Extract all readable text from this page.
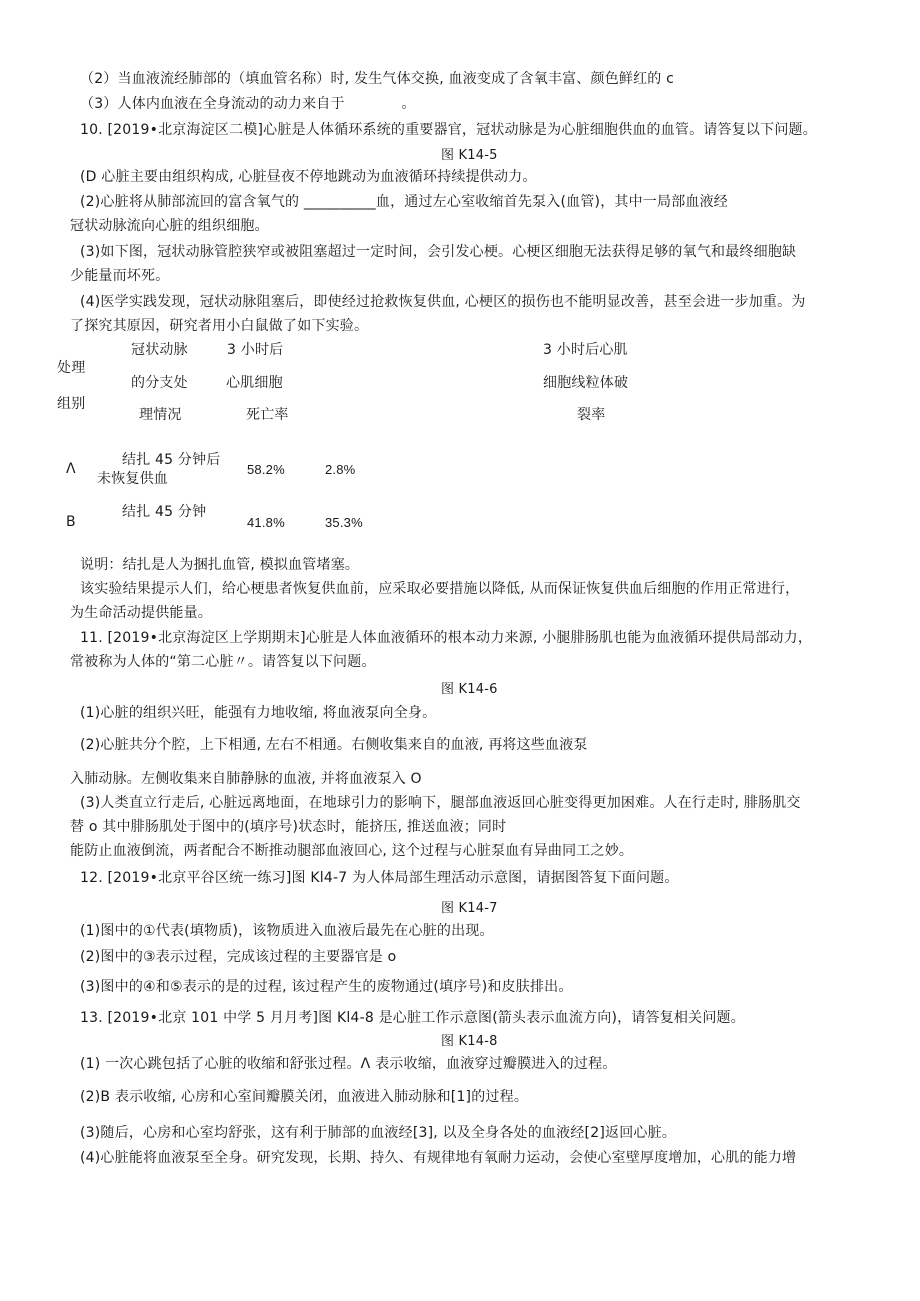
（2）当血液流经肺部的（填血管名称）时, 发生气体交换, 血液变成了含氧丰富、颜色鲜红的 c
（3）人体内血液在全身流动的动力来自于　　　　。
10. [2019•北京海淀区二模]心脏是人体循环系统的重要器官，冠状动脉是为心脏细胞供血的血管。请答复以下问题。
图 K14-5
(D 心脏主要由组织构成, 心脏昼夜不停地跳动为血液循环持续提供动力。
(2)心脏将从肺部流回的富含氧气的 __________血，通过左心室收缩首先泵入(血管)，其中一局部血液经
冠状动脉流向心脏的组织细胞。
(3)如下图，冠状动脉管腔狭窄或被阻塞超过一定时间，会引发心梗。心梗区细胞无法获得足够的氧气和最终细胞缺
少能量而坏死。
(4)医学实践发现，冠状动脉阻塞后，即使经过抢救恢复供血, 心梗区的损伤也不能明显改善，甚至会进一步加重。为
了探究其原因，研究者用小白鼠做了如下实验。
处理
组别
冠状动脉
的分支处
理情况
3 小时后
心肌细胞
死亡率
3 小时后心肌
细胞线粒体破
裂率
Λ
结扎 45 分钟后
未恢复供血
58.2%	2.8%
B
结扎 45 分钟
41.8%	35.3%
说明：结扎是人为捆扎血管, 模拟血管堵塞。
该实验结果提示人们，给心梗患者恢复供血前，应采取必要措施以降低, 从而保证恢复供血后细胞的作用正常进行，
为生命活动提供能量。
11. [2019•北京海淀区上学期期末]心脏是人体血液循环的根本动力来源, 小腿腓肠肌也能为血液循环提供局部动力，
常被称为人体的“第二心脏〃。请答复以下问题。
图 K14-6
(1)心脏的组织兴旺，能强有力地收缩, 将血液泵向全身。
(2)心脏共分个腔，上下相通, 左右不相通。右侧收集来自的血液, 再将这些血液泵
入肺动脉。左侧收集来自肺静脉的血液, 并将血液泵入 O
(3)人类直立行走后, 心脏远离地面，在地球引力的影响下，腿部血液返回心脏变得更加困难。人在行走时, 腓肠肌交
替 o 其中腓肠肌处于图中的(填序号)状态时，能挤压, 推送血液；同时
能防止血液倒流，两者配合不断推动腿部血液回心, 这个过程与心脏泵血有异曲同工之妙。
12. [2019•北京平谷区统一练习]图 Kl4-7 为人体局部生理活动示意图，请据图答复下面问题。
图 K14-7
(1)图中的①代表(填物质)，该物质进入血液后最先在心脏的出现。
(2)图中的③表示过程，完成该过程的主要器官是 o
(3)图中的④和⑤表示的是的过程, 该过程产生的废物通过(填序号)和皮肤排出。
13. [2019•北京 101 中学 5 月月考]图 Kl4-8 是心脏工作示意图(箭头表示血流方向)，请答复相关问题。
图 K14-8
(1) 一次心跳包括了心脏的收缩和舒张过程。Λ 表示收缩，血液穿过瓣膜进入的过程。
(2)B 表示收缩, 心房和心室间瓣膜关闭，血液进入肺动脉和[1]的过程。
(3)随后，心房和心室均舒张，这有利于肺部的血液经[3], 以及全身各处的血液经[2]返回心脏。
(4)心脏能将血液泵至全身。研究发现，长期、持久、有规律地有氧耐力运动，会使心室壁厚度增加，心肌的能力增
